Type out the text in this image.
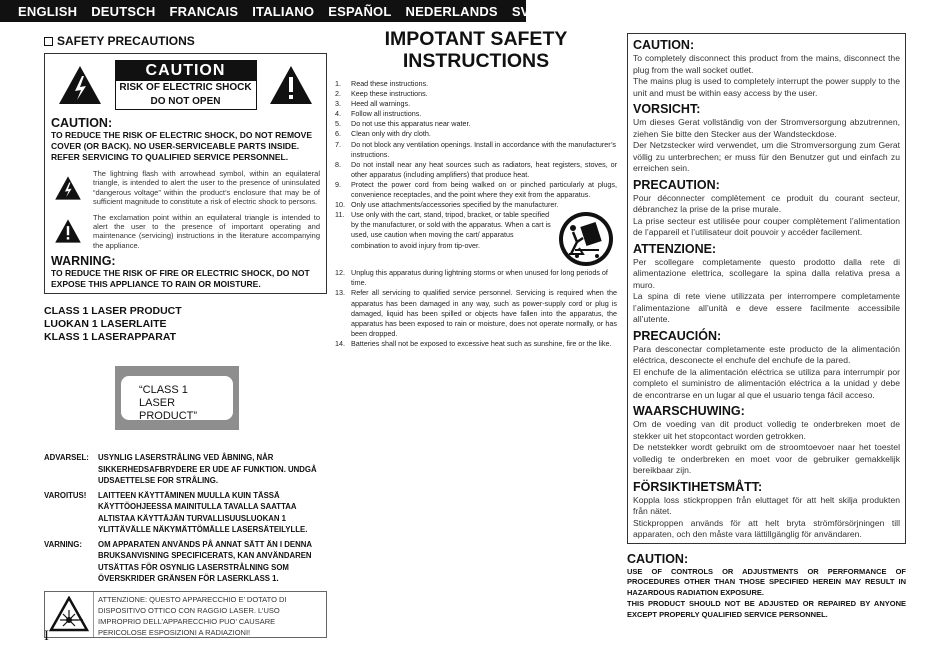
ENGLISH DEUTSCH FRANCAIS ITALIANO ESPAÑOL NEDERLANDS SVENSKA
SAFETY PRECAUTIONS
CAUTION
RISK OF ELECTRIC SHOCK
DO NOT OPEN
CAUTION:
TO REDUCE THE RISK OF ELECTRIC SHOCK, DO NOT REMOVE COVER (OR BACK). NO USER-SERVICEABLE PARTS INSIDE. REFER SERVICING TO QUALIFIED SERVICE PERSONNEL.
The lightning flash with arrowhead symbol, within an equilateral triangle, is intended to alert the user to the presence of uninsulated “dangerous voltage” within the product’s enclosure that may be of sufficient magnitude to constitute a risk of electric shock to persons.
The exclamation point within an equilateral triangle is intended to alert the user to the presence of important operating and maintenance (servicing) instructions in the literature accompanying the appliance.
WARNING:
TO REDUCE THE RISK OF FIRE OR ELECTRIC SHOCK, DO NOT EXPOSE THIS APPLIANCE TO RAIN OR MOISTURE.
CLASS 1 LASER PRODUCT
LUOKAN 1 LASERLAITE
KLASS 1 LASERAPPARAT
“CLASS 1
LASER PRODUCT”
ADVARSEL:	USYNLIG LASERSTRÅLING VED ÅBNING, NÅR SIKKERHEDSAFBRYDERE ER UDE AF FUNKTION. UNDGÅ UDSAETTELSE FOR STRÅLING.
VAROITUS!	LAITTEEN KÄYTTÄMINEN MUULLA KUIN TÄSSÄ KÄYTTÖOHJEESSA MAINITULLA TAVALLA SAATTAA ALTISTAA KÄYTTÄJÄN TURVALLISUUSLUOKAN 1 YLITTÄVÄLLE NÄKYMÄTTÖMÄLLE LASERSÄTEILYLLE.
VARNING:	OM APPARATEN ANVÄNDS PÅ ANNAT SÄTT ÄN I DENNA BRUKSANVISNING SPECIFICERATS, KAN ANVÄNDAREN UTSÄTTAS FÖR OSYNLIG LASERSTRÅLNING SOM ÖVERSKRIDER GRÄNSEN FÖR LASERKLASS 1.
ATTENZIONE: QUESTO APPARECCHIO E’ DOTATO DI DISPOSITIVO OTTICO CON RAGGIO LASER. L’USO IMPROPRIO DELL’APPARECCHIO PUO’ CAUSARE PERICOLOSE ESPOSIZIONI A RADIAZIONI!
I
IMPOTANT SAFETY
INSTRUCTIONS
1.	Read these instructions.
2.	Keep these instructions.
3.	Heed all warnings.
4.	Follow all instructions.
5.	Do not use this apparatus near water.
6.	Clean only with dry cloth.
7.	Do not block any ventilation openings. Install in accordance with the manufacturer’s instructions.
8.	Do not install near any heat sources such as radiators, heat registers, stoves, or other apparatus (including amplifiers) that produce heat.
9.	Protect the power cord from being walked on or pinched particularly at plugs, convenience receptacles, and the point where they exit from the apparatus.
10. Only use attachments/accessories specified by the manufacturer.
11. Use only with the cart, stand, tripod, bracket, or table specified by the manufacturer, or sold with the apparatus. When a cart is used, use caution when moving the cart/ apparatus combination to avoid injury from tip-over.
12. Unplug this apparatus during lightning storms or when unused for long periods of time.
13. Refer all servicing to qualified service personnel. Servicing is required when the apparatus has been damaged in any way, such as power-supply cord or plug is damaged, liquid has been spilled or objects have fallen into the apparatus, the apparatus has been exposed to rain or moisture, does not operate normally, or has been dropped.
14. Batteries shall not be exposed to excessive heat such as sunshine, fire or the like.
CAUTION:
To completely disconnect this product from the mains, disconnect the plug from the wall socket outlet.
The mains plug is used to completely interrupt the power supply to the unit and must be within easy access by the user.
VORSICHT:
Um dieses Gerat vollständig von der Stromversorgung abzutrennen, ziehen Sie bitte den Stecker aus der Wandsteckdose.
Der Netzstecker wird verwendet, um die Stromversorgung zum Gerat völlig zu unterbrechen; er muss für den Benutzer gut und einfach zu erreichen sein.
PRECAUTION:
Pour déconnecter complètement ce produit du courant secteur, débranchez la prise de la prise murale.
La prise secteur est utilisée pour couper complètement l’alimentation de l’appareil et l’utilisateur doit pouvoir y accéder facilement.
ATTENZIONE:
Per scollegare completamente questo prodotto dalla rete di alimentazione elettrica, scollegare la spina dalla relativa presa a muro.
La spina di rete viene utilizzata per interrompere completamente l’alimentazione all’unità e deve essere facilmente accessibile all’utente.
PRECAUCIÓN:
Para desconectar completamente este producto de la alimentación eléctrica, desconecte el enchufe del enchufe de la pared.
El enchufe de la alimentación eléctrica se utiliza para interrumpir por completo el suministro de alimentación eléctrica a la unidad y debe de encontrarse en un lugar al que el usuario tenga fácil acceso.
WAARSCHUWING:
Om de voeding van dit product volledig te onderbreken moet de stekker uit het stopcontact worden getrokken.
De netstekker wordt gebruikt om de stroomtoevoer naar het toestel volledig te onderbreken en moet voor de gebruiker gemakkelijk bereikbaar zijn.
FÖRSIKTIHETSMÅTT:
Koppla loss stickproppen från eluttaget för att helt skilja produkten från nätet.
Stickproppen används för att helt bryta strömförsörjningen till apparaten, och den måste vara lättillgänglig för användaren.
CAUTION:
USE OF CONTROLS OR ADJUSTMENTS OR PERFORMANCE OF PROCEDURES OTHER THAN THOSE SPECIFIED HEREIN MAY RESULT IN HAZARDOUS RADIATION EXPOSURE.
THIS PRODUCT SHOULD NOT BE ADJUSTED OR REPAIRED BY ANYONE EXCEPT PROPERLY QUALIFIED SERVICE PERSONNEL.
